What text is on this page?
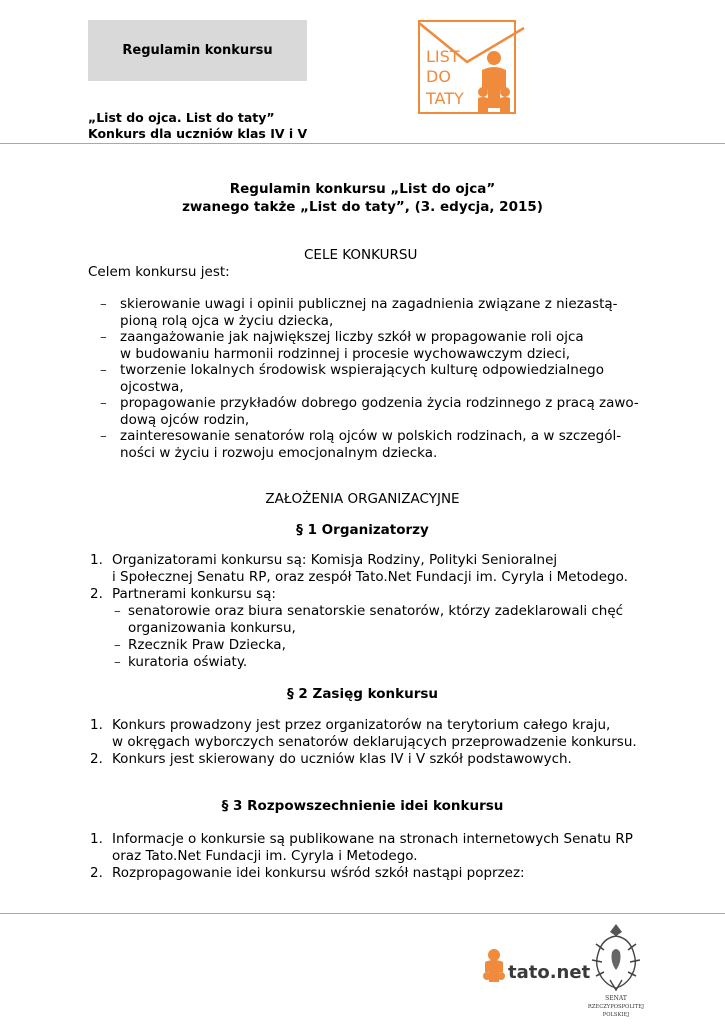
Regulamin konkursu	LIST
DO
TATY
„List do ojca. List do taty”
Konkurs dla uczniów klas IV i V
Regulamin konkursu „List do ojca”
zwanego także „List do taty”, (3. edycja, 2015)
CELE KONKURSU
Celem konkursu jest:
– skierowanie uwagi i opinii publicznej na zagadnienia związane z niezastą-
pioną rolą ojca w życiu dziecka,
– zaangażowanie jak największej liczby szkół w propagowanie roli ojca
w budowaniu harmonii rodzinnej i procesie wychowawczym dzieci,
– tworzenie lokalnych środowisk wspierających kulturę odpowiedzialnego
ojcostwa,
– propagowanie przykładów dobrego godzenia życia rodzinnego z pracą zawo-
dową ojców rodzin,
– zainteresowanie senatorów rolą ojców w polskich rodzinach, a w szczegól-
ności w życiu i rozwoju emocjonalnym dziecka.
ZAŁOŻENIA ORGANIZACYJNE
§ 1 Organizatorzy
1. Organizatorami konkursu są: Komisja Rodziny, Polityki Senioralnej
i Społecznej Senatu RP, oraz zespół Tato.Net Fundacji im. Cyryla i Metodego.
2. Partnerami konkursu są:
– senatorowie oraz biura senatorskie senatorów, którzy zadeklarowali chęć
organizowania konkursu,
– Rzecznik Praw Dziecka,
– kuratoria oświaty.
§ 2 Zasięg konkursu
1. Konkurs prowadzony jest przez organizatorów na terytorium całego kraju,
w okręgach wyborczych senatorów deklarujących przeprowadzenie konkursu.
2. Konkurs jest skierowany do uczniów klas IV i V szkół podstawowych.
§ 3 Rozpowszechnienie idei konkursu
1. Informacje o konkursie są publikowane na stronach internetowych Senatu RP
oraz Tato.Net Fundacji im. Cyryla i Metodego.
2. Rozpropagowanie idei konkursu wśród szkół nastąpi poprzez:
tato.net
SENAT
RZECZYPOSPOLITEJ
POLSKIEJ
